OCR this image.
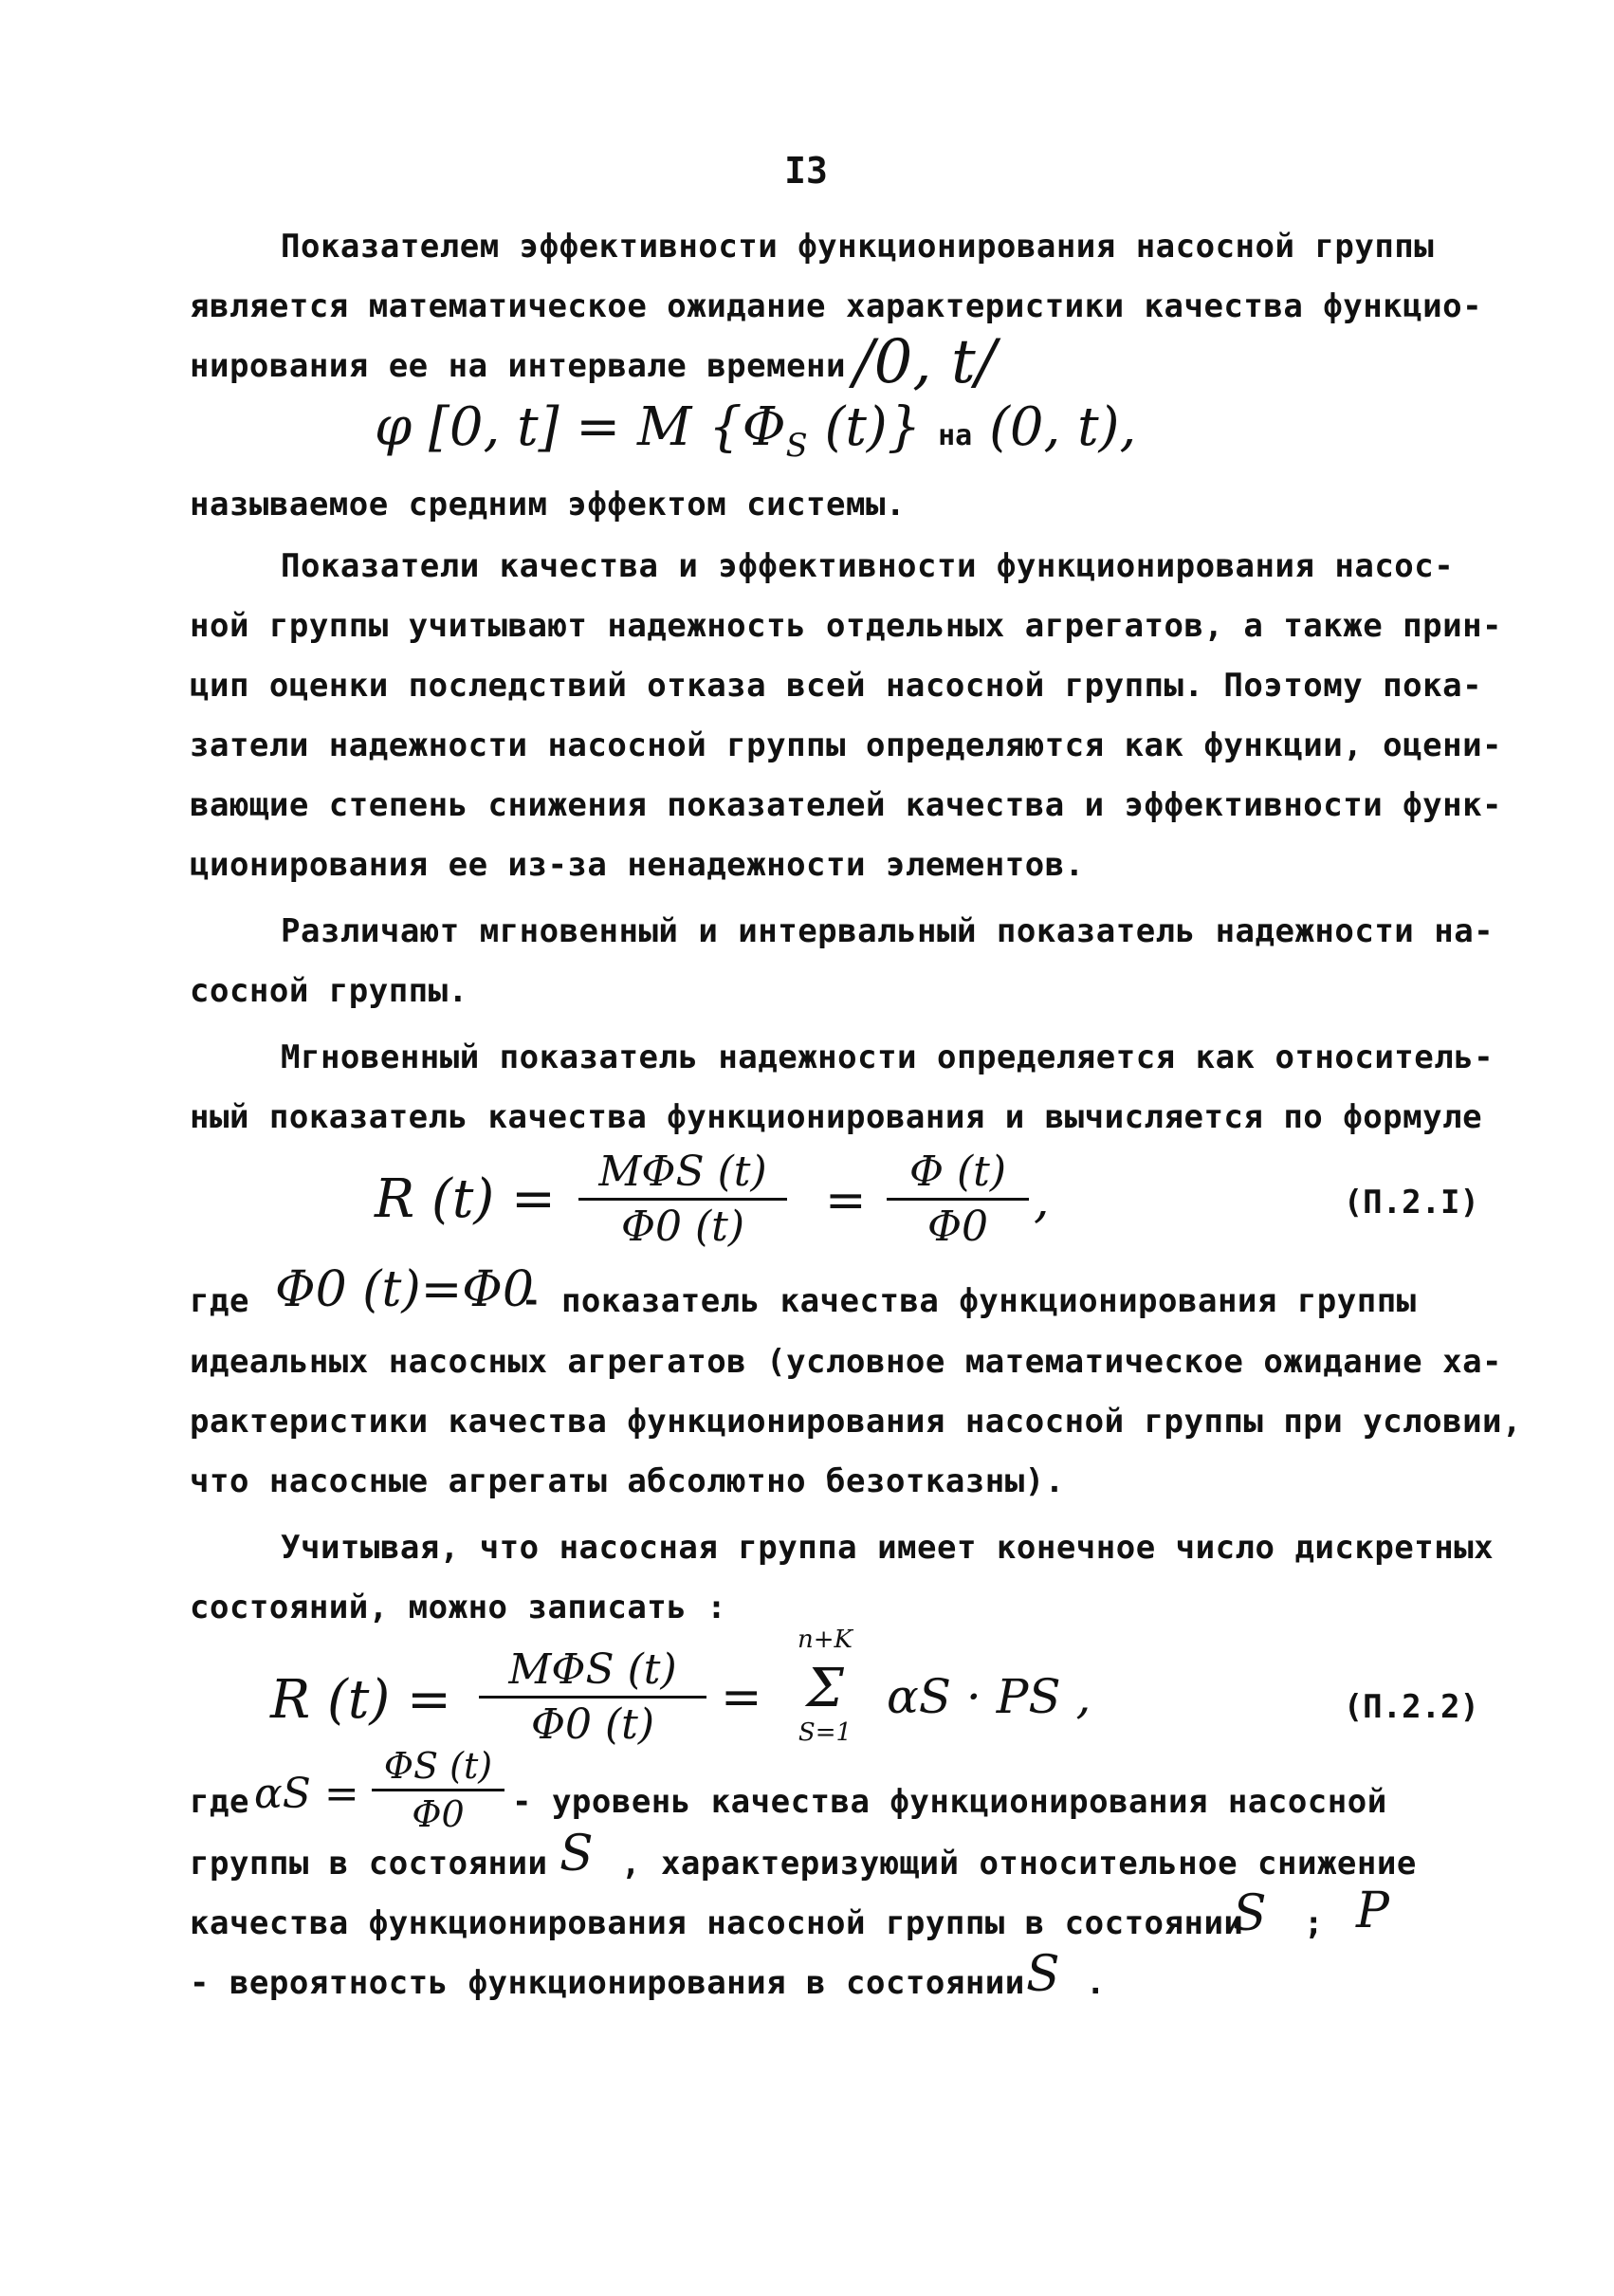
I3
Показателем эффективности функционирования насосной группы
является математическое ожидание характеристики качества функцио-
нирования ее на интервале времени /0, t/
φ [0, t] = M {$\Phi_S$ (t)} на (0, t),
называемое средним эффектом системы.
Показатели качества и эффективности функционирования насос-
ной группы учитывают надежность отдельных агрегатов, а также прин-
цип оценки последствий отказа всей насосной группы. Поэтому пока-
затели надежности насосной группы определяются как функции, оцени-
вающие степень снижения показателей качества и эффективности функ-
ционирования ее из-за ненадежности элементов.
Различают мгновенный и интервальный показатель надежности на-
сосной группы.
Мгновенный показатель надежности определяется как относитель-
ный показатель качества функционирования и вычисляется по формуле
R (t) =	MΦS (t)
Φ0 (t)	=
Φ (t)
Φ0 ,	(П.2.I)
где Φ0 (t)=Φ0
- показатель качества функционирования группы
идеальных насосных агрегатов (условное математическое ожидание ха-
рактеристики качества функционирования насосной группы при условии,
что насосные агрегаты абсолютно безотказны).
Учитывая, что насосная группа имеет конечное число дискретных
состояний, можно записать :
R (t) =	MΦS (t)
Φ0 (t)	=
n+K
Σ
S=1
αS · PS ,	(П.2.2)
где αS =
ΦS (t)
Φ0	- уровень качества функционирования насосной
группы в состоянии S , характеризующий относительное снижение
качества функционирования насосной группы в состоянии
S ; P
- вероятность функционирования в состоянии S .
